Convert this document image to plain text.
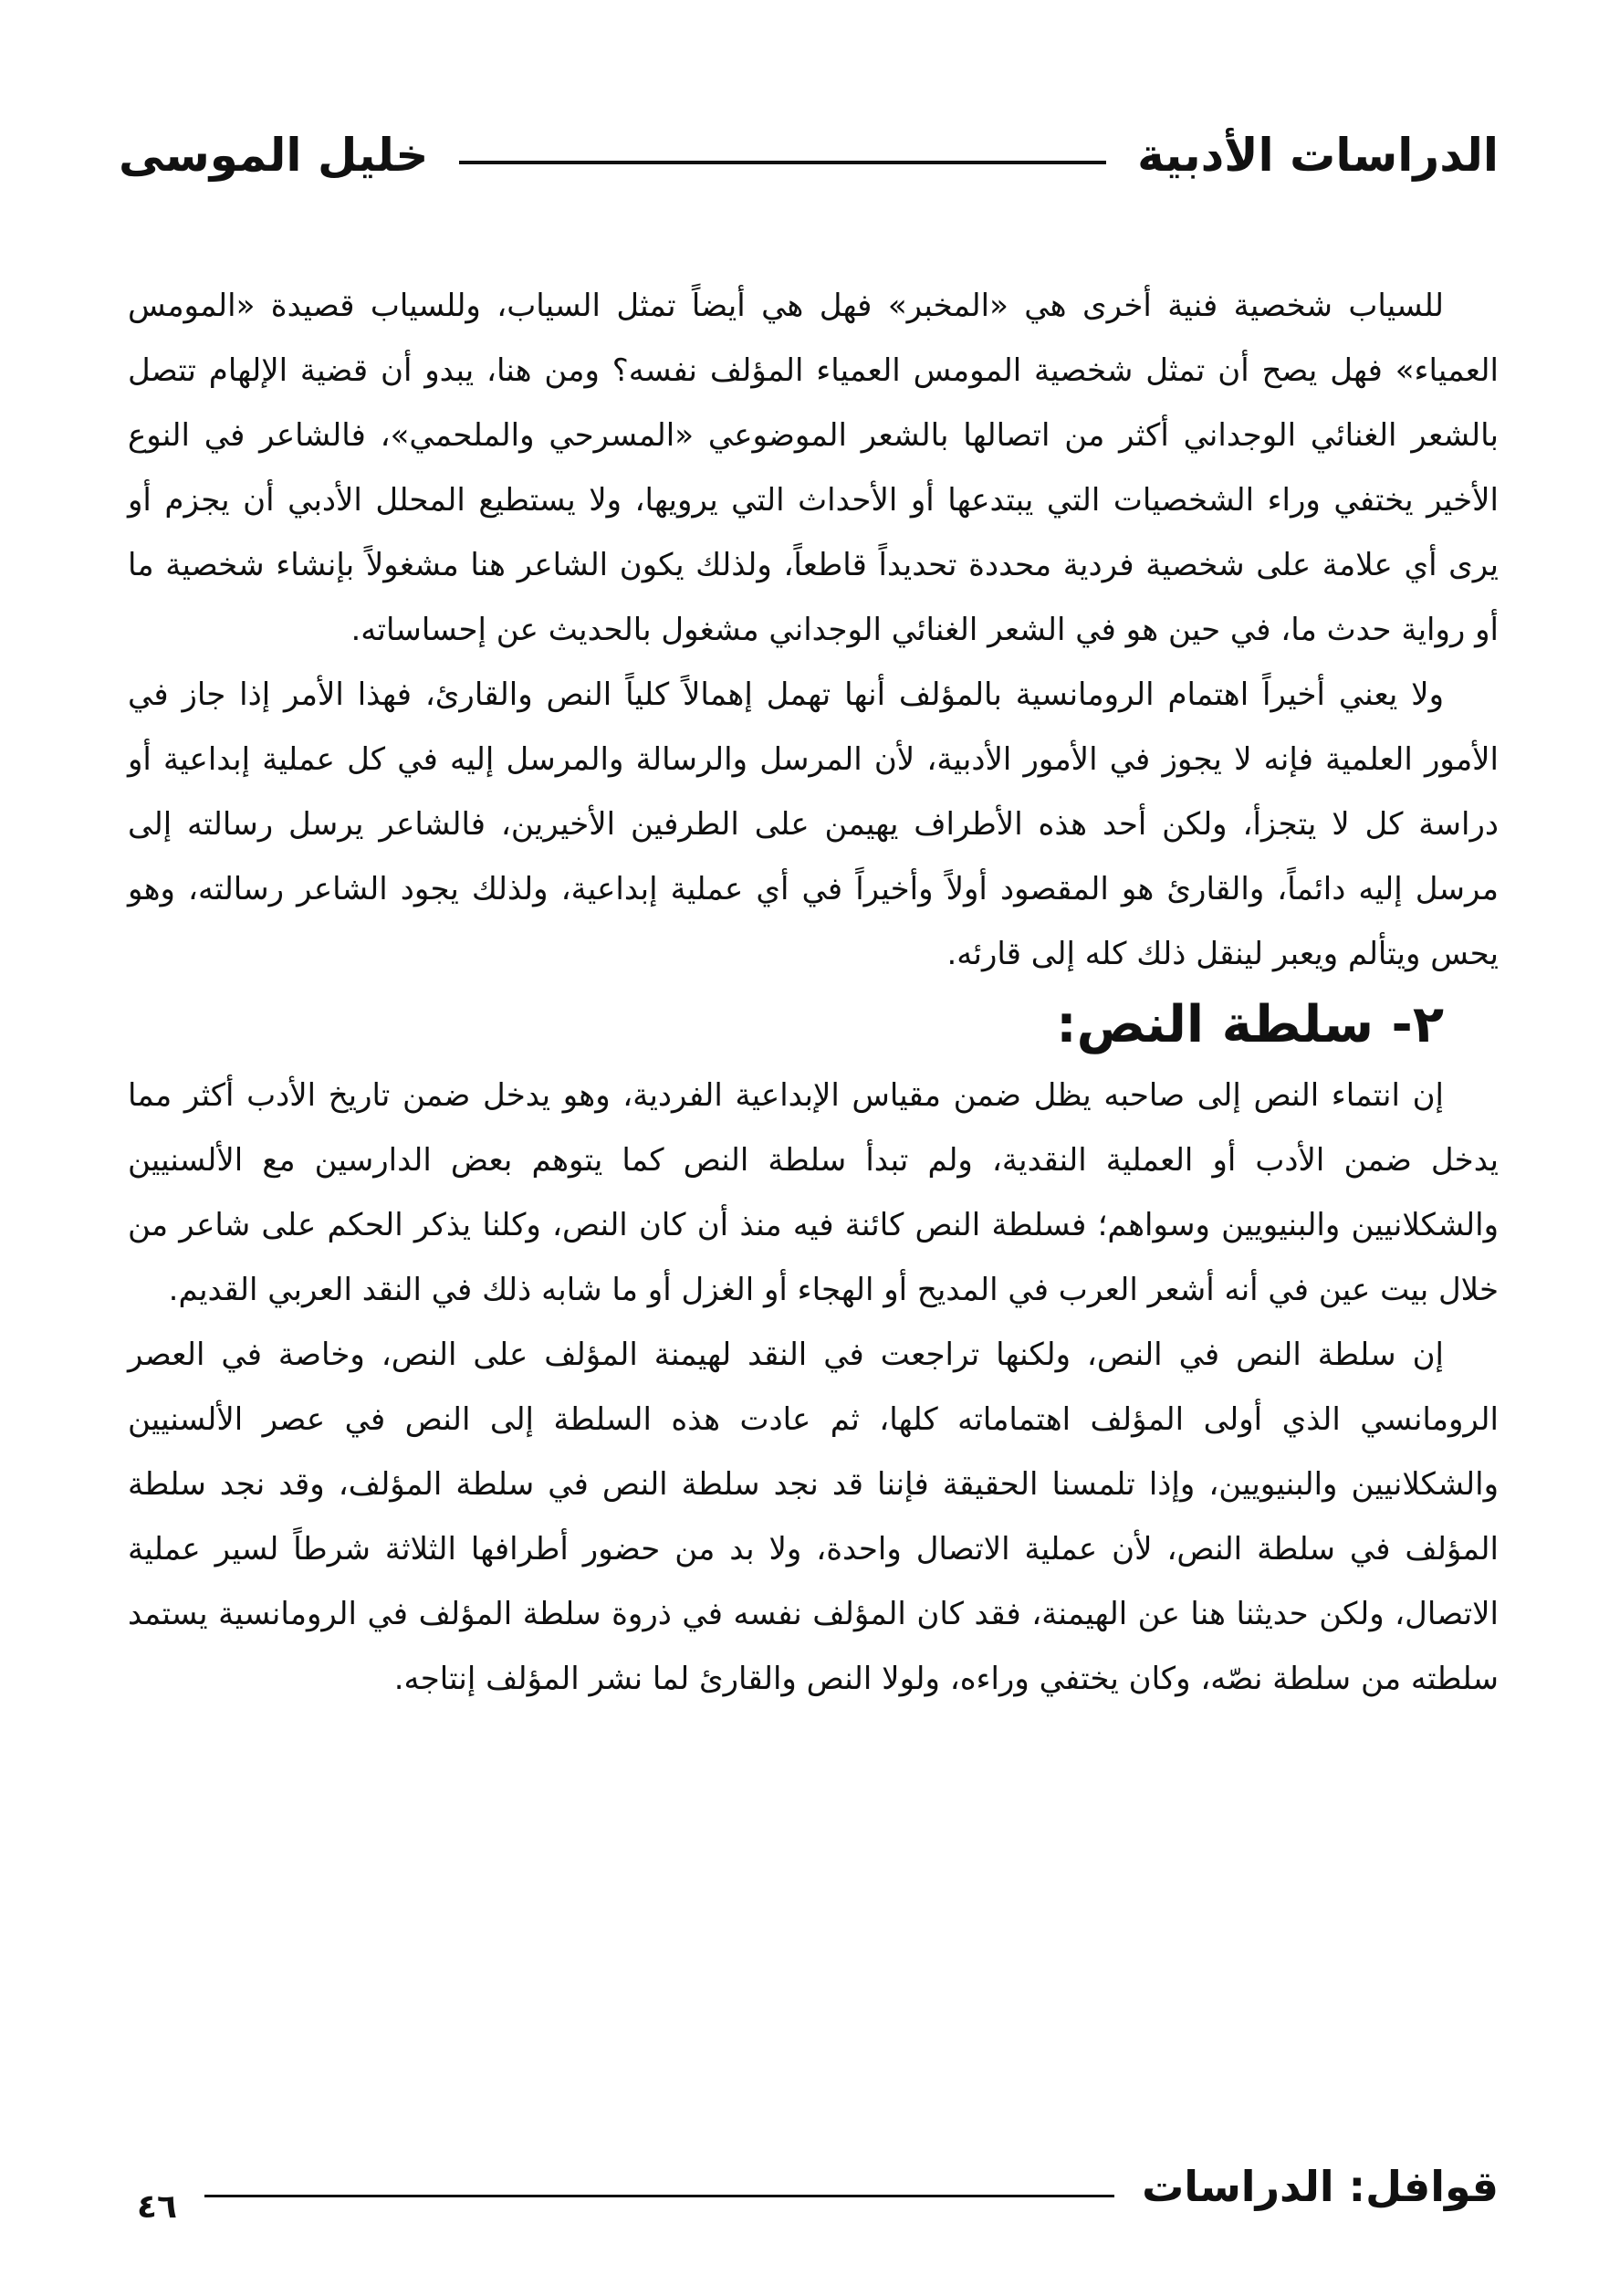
الدراسات الأدبية
خليل الموسى

للسياب شخصية فنية أخرى هي «المخبر» فهل هي أيضاً تمثل السياب، وللسياب قصيدة «المومس العمياء» فهل يصح أن تمثل شخصية المومس العمياء المؤلف نفسه؟ ومن هنا، يبدو أن قضية الإلهام تتصل بالشعر الغنائي الوجداني أكثر من اتصالها بالشعر الموضوعي «المسرحي والملحمي»، فالشاعر في النوع الأخير يختفي وراء الشخصيات التي يبتدعها أو الأحداث التي يرويها، ولا يستطيع المحلل الأدبي أن يجزم أو يرى أي علامة على شخصية فردية محددة تحديداً قاطعاً، ولذلك يكون الشاعر هنا مشغولاً بإنشاء شخصية ما أو رواية حدث ما، في حين هو في الشعر الغنائي الوجداني مشغول بالحديث عن إحساساته.

ولا يعني أخيراً اهتمام الرومانسية بالمؤلف أنها تهمل إهمالاً كلياً النص والقارئ، فهذا الأمر إذا جاز في الأمور العلمية فإنه لا يجوز في الأمور الأدبية، لأن المرسل والرسالة والمرسل إليه في كل عملية إبداعية أو دراسة كل لا يتجزأ، ولكن أحد هذه الأطراف يهيمن على الطرفين الأخيرين، فالشاعر يرسل رسالته إلى مرسل إليه دائماً، والقارئ هو المقصود أولاً وأخيراً في أي عملية إبداعية، ولذلك يجود الشاعر رسالته، وهو يحس ويتألم ويعبر لينقل ذلك كله إلى قارئه.

٢- سلطة النص:

إن انتماء النص إلى صاحبه يظل ضمن مقياس الإبداعية الفردية، وهو يدخل ضمن تاريخ الأدب أكثر مما يدخل ضمن الأدب أو العملية النقدية، ولم تبدأ سلطة النص كما يتوهم بعض الدارسين مع الألسنيين والشكلانيين والبنيويين وسواهم؛ فسلطة النص كائنة فيه منذ أن كان النص، وكلنا يذكر الحكم على شاعر من خلال بيت عين في أنه أشعر العرب في المديح أو الهجاء أو الغزل أو ما شابه ذلك في النقد العربي القديم.

إن سلطة النص في النص، ولكنها تراجعت في النقد لهيمنة المؤلف على النص، وخاصة في العصر الرومانسي الذي أولى المؤلف اهتماماته كلها، ثم عادت هذه السلطة إلى النص في عصر الألسنيين والشكلانيين والبنيويين، وإذا تلمسنا الحقيقة فإننا قد نجد سلطة النص في سلطة المؤلف، وقد نجد سلطة المؤلف في سلطة النص، لأن عملية الاتصال واحدة، ولا بد من حضور أطرافها الثلاثة شرطاً لسير عملية الاتصال، ولكن حديثنا هنا عن الهيمنة، فقد كان المؤلف نفسه في ذروة سلطة المؤلف في الرومانسية يستمد سلطته من سلطة نصّه، وكان يختفي وراءه، ولولا النص والقارئ لما نشر المؤلف إنتاجه.

قوافل: الدراسات
٤٦
